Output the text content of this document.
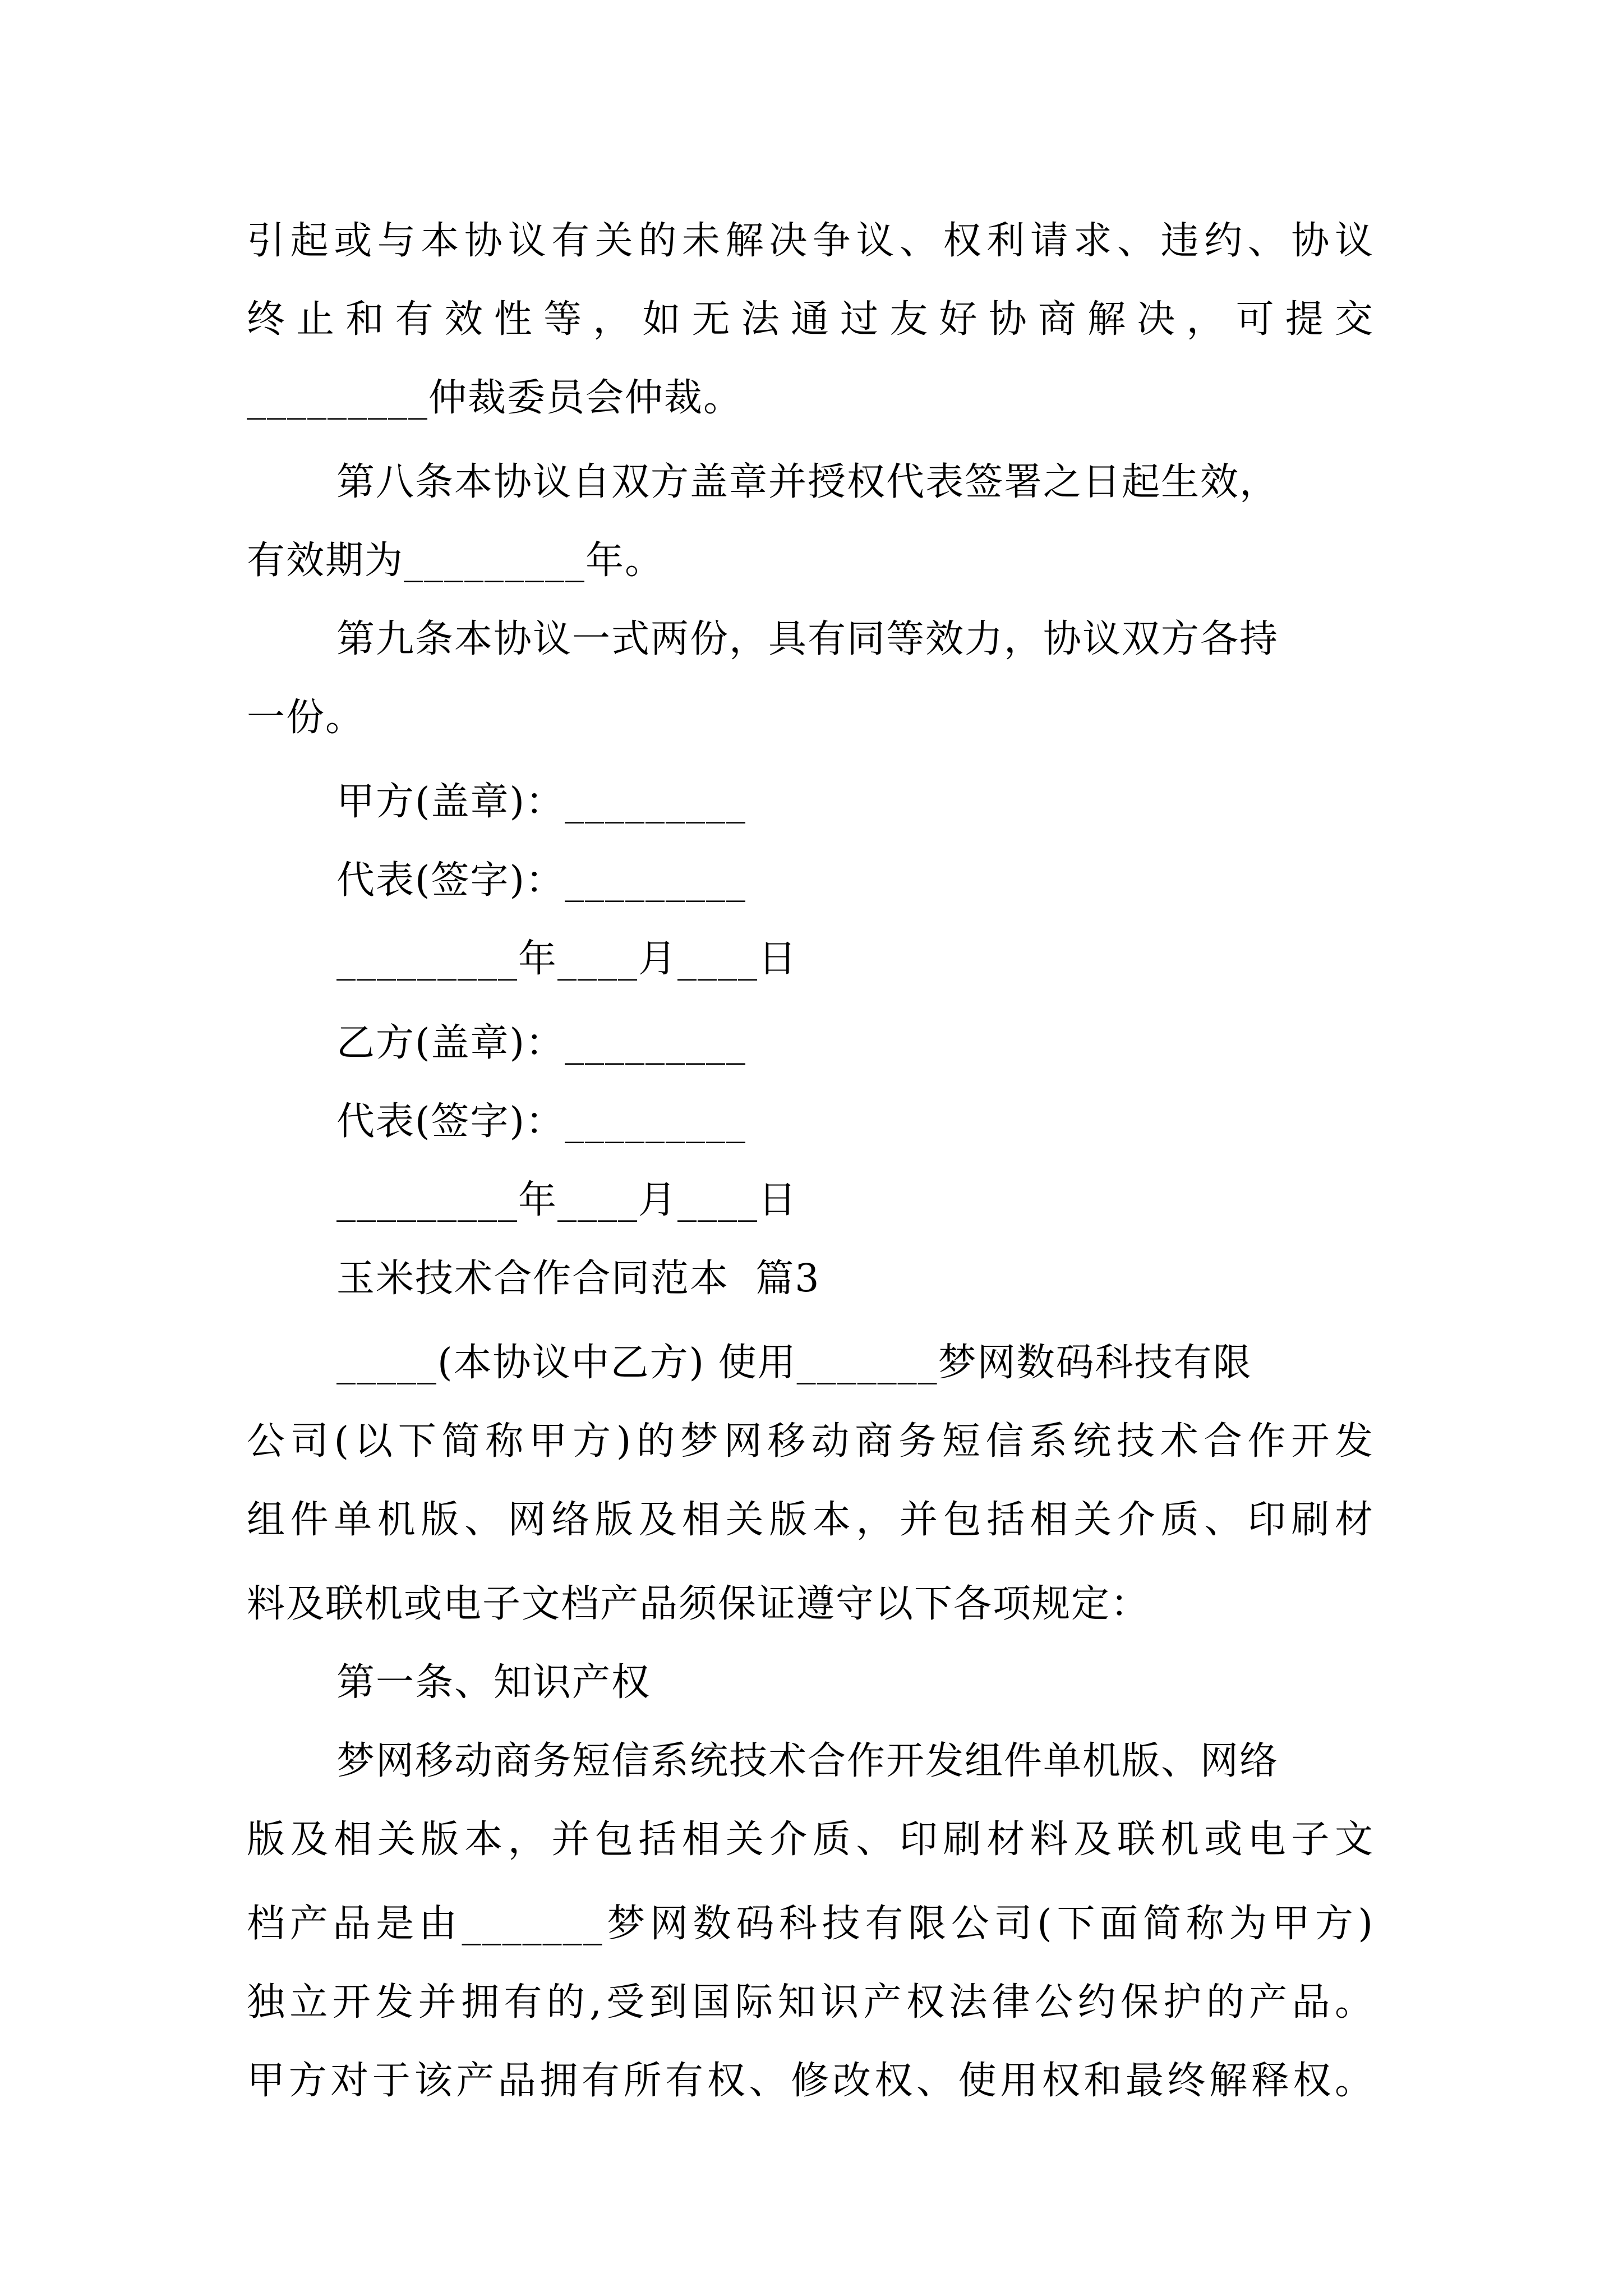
引起或与本协议有关的未解决争议、权利请求、违约、协议
终止和有效性等，如无法通过友好协商解决，可提交
_________仲裁委员会仲裁。
第八条本协议自双方盖章并授权代表签署之日起生效，
有效期为_________年。
第九条本协议一式两份，具有同等效力，协议双方各持
一份。
甲方(盖章)：_________
代表(签字)：_________
_________年____月____日
乙方(盖章)：_________
代表(签字)：_________
_________年____月____日
玉米技术合作合同范本  篇3
_____(本协议中乙方) 使用_______梦网数码科技有限
公司(以下简称甲方)的梦网移动商务短信系统技术合作开发
组件单机版、网络版及相关版本，并包括相关介质、印刷材
料及联机或电子文档产品须保证遵守以下各项规定：
第一条、知识产权
梦网移动商务短信系统技术合作开发组件单机版、网络
版及相关版本，并包括相关介质、印刷材料及联机或电子文
档产品是由_______梦网数码科技有限公司(下面简称为甲方)
独立开发并拥有的,受到国际知识产权法律公约保护的产品。
甲方对于该产品拥有所有权、修改权、使用权和最终解释权。
